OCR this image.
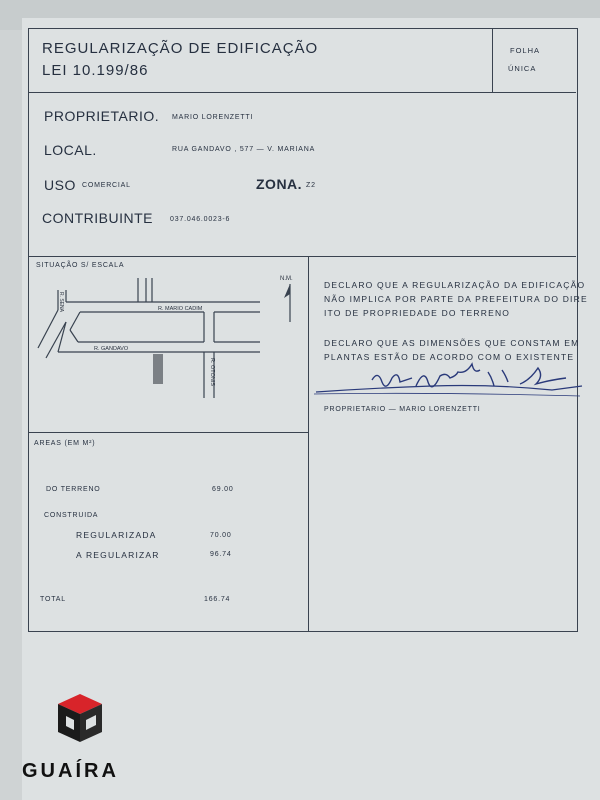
REGULARIZAÇÃO DE EDIFICAÇÃO
LEI 10.199/86
FOLHA
ÚNICA
PROPRIETARIO. MARIO LORENZETTI
LOCAL.	RUA GANDAVO , 577 — V. MARIANA
USO COMERCIAL	ZONA. Z2
CONTRIBUINTE 037.046.0023-6
SITUAÇÃO S/ ESCALA
R. MARIO CADIM
R. GANDAVO
R. OTONIS
R. SENA
N.M.
DECLARO QUE A REGULARIZAÇÃO DA EDIFICAÇÃO
NÃO IMPLICA POR PARTE DA PREFEITURA DO DIRE
ITO DE PROPRIEDADE DO TERRENO
DECLARO QUE AS DIMENSÕES QUE CONSTAM EM
PLANTAS ESTÃO DE ACORDO COM O EXISTENTE
PROPRIETARIO — MARIO LORENZETTI
AREAS (EM M²)
DO TERRENO	69.00
CONSTRUIDA
REGULARIZADA	70.00
A REGULARIZAR	96.74
TOTAL	166.74
GUAÍRA
